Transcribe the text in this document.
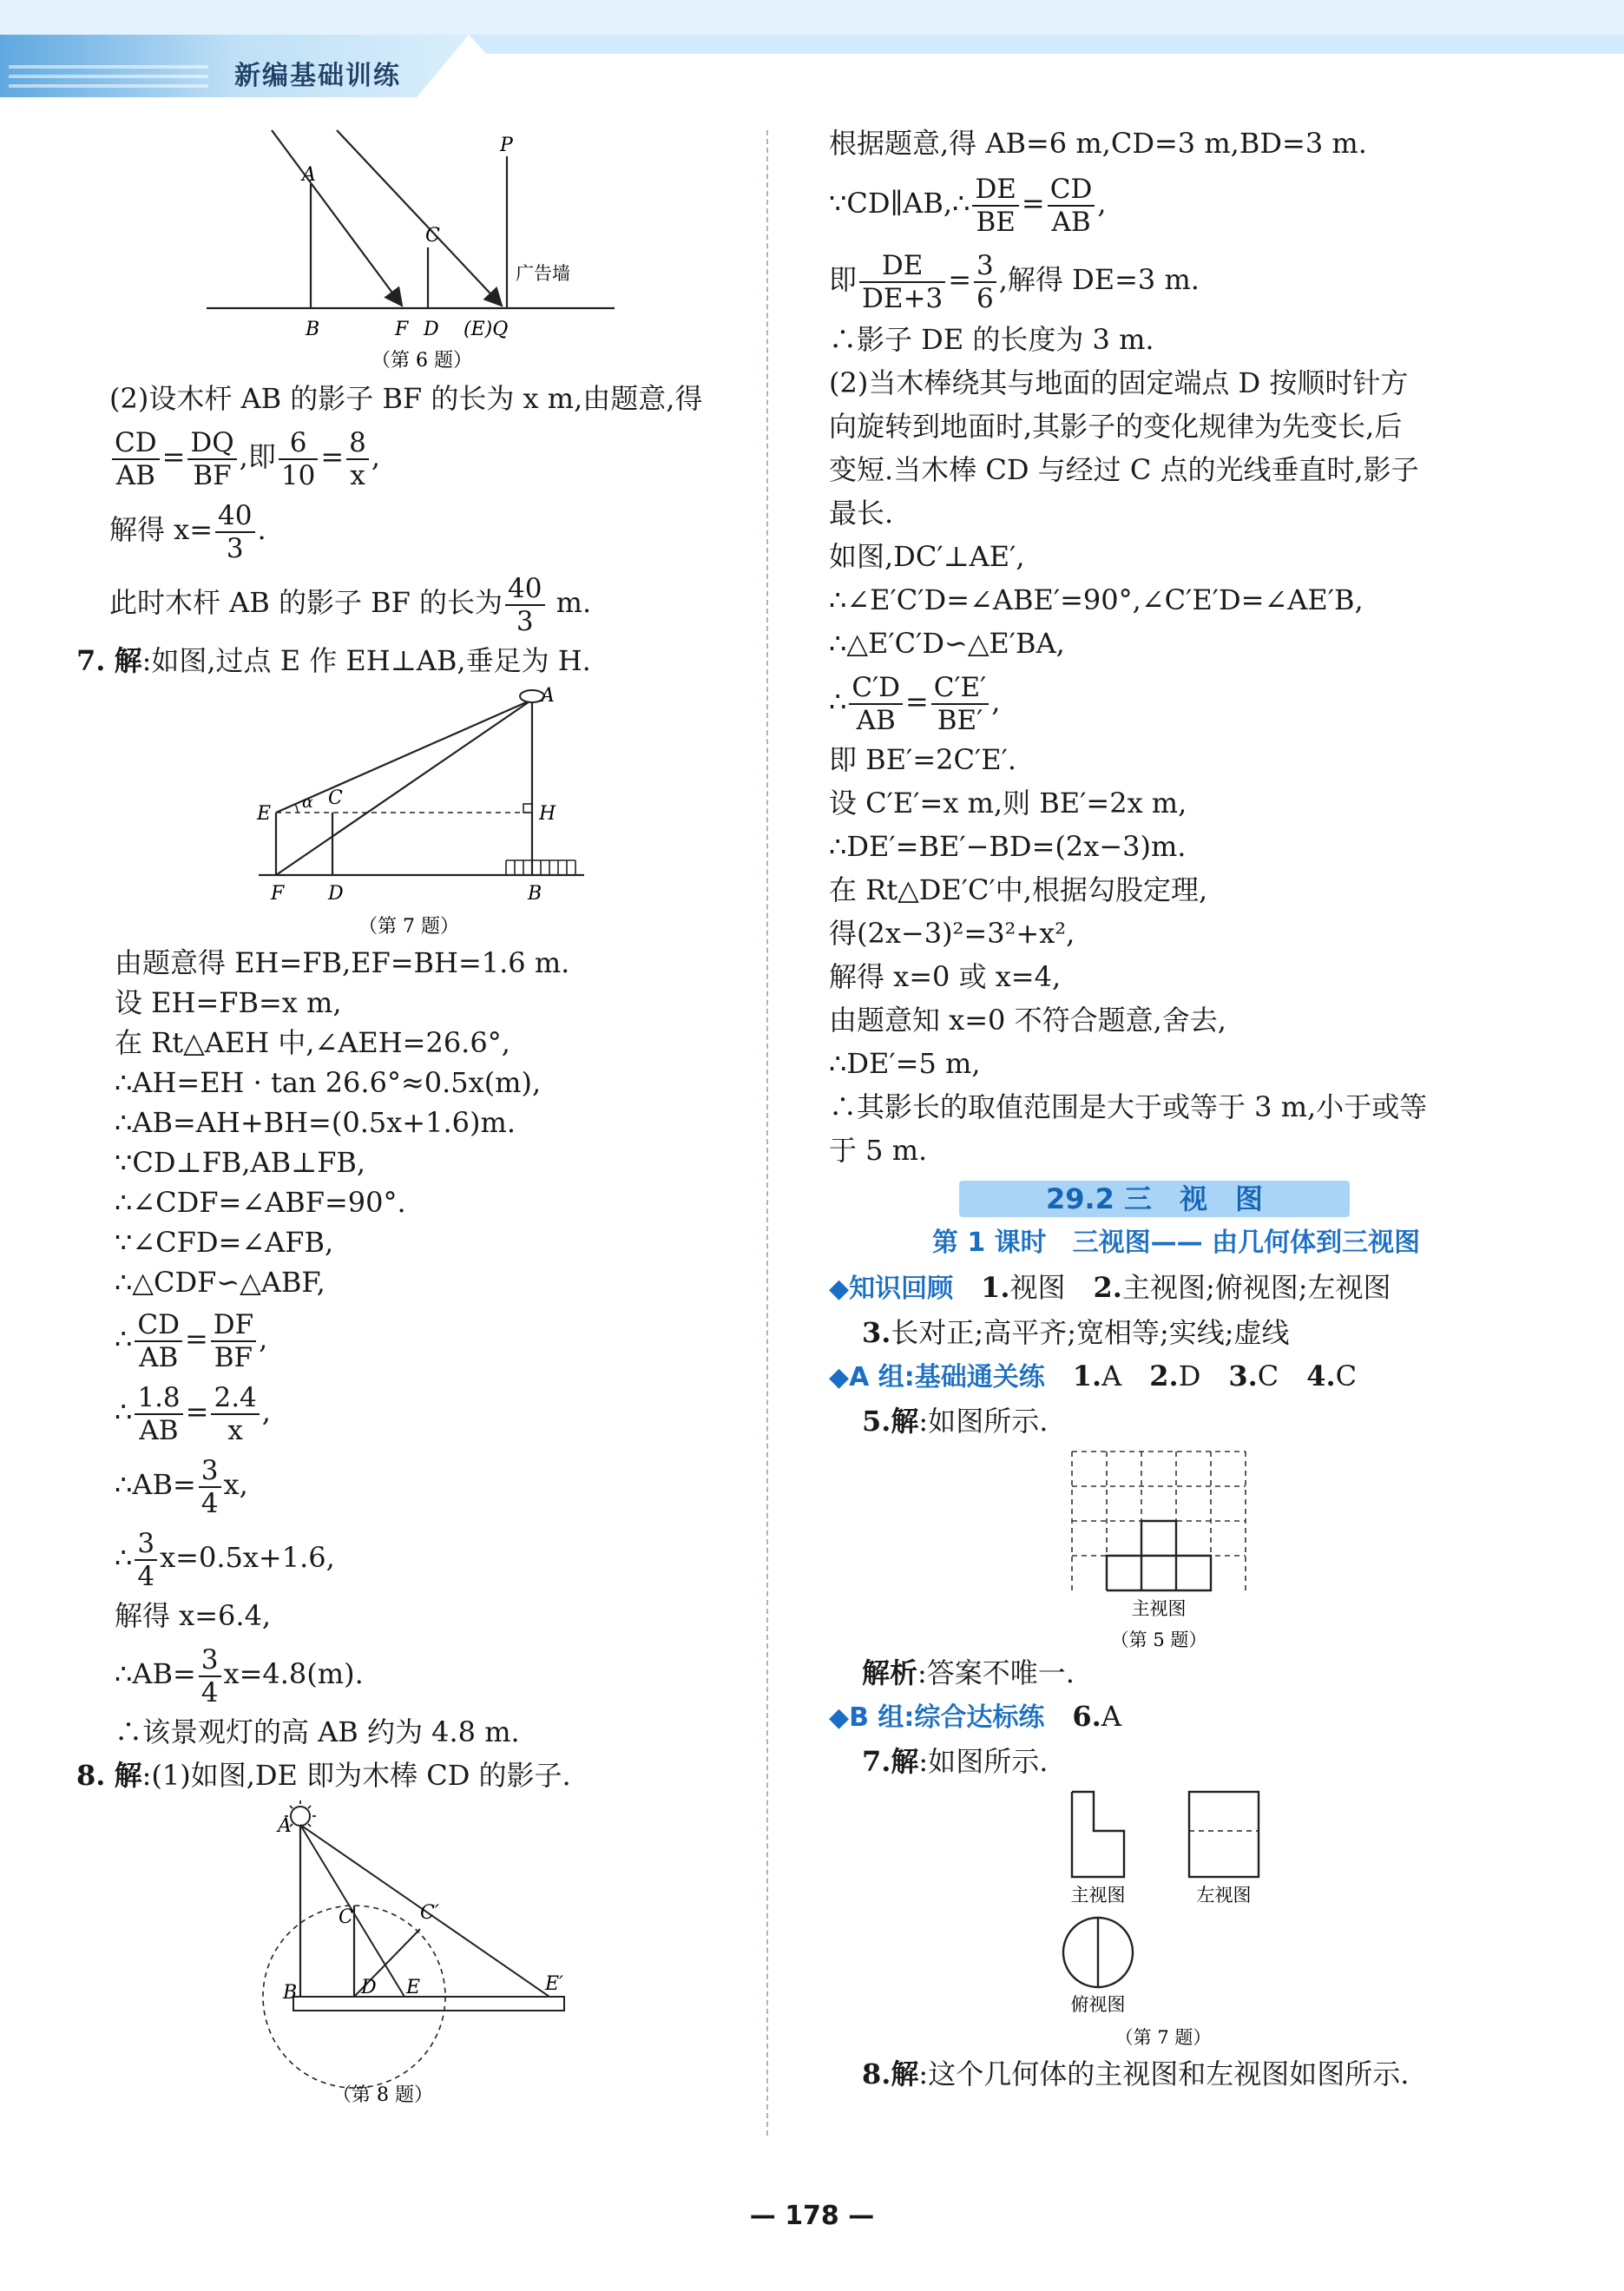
新编基础训练
A
B
C
D
F	(E)Q
P
广告墙
（第 6 题）
(2)设木杆 AB 的影子 BF 的长为 x m,由题意,得
$\frac{CD}{AB} = \frac{DQ}{BF}$ ,即 $\frac{6}{10} = \frac{8}{x}$ ,
解得 $x= \frac{40}{3}$ .
此时木杆 AB 的影子 BF 的长为 $\frac{40}{3} m$.
7. 解:如图,过点 E 作 EH⊥AB,垂足为 H.
α
A
E
C
H
F D	B
（第 7 题）
由题意得 EH=FB,EF=BH=1.6 m.
设 EH=FB=x m,
在 Rt△AEH 中,∠AEH=26.6°,
∴AH=EH · tan 26.6°≈0.5x(m),
∴AB=AH+BH=(0.5x+1.6)m.
∵CD⊥FB,AB⊥FB,
∴∠CDF=∠ABF=90°.
∵∠CFD=∠AFB,
∴△CDF∽△ABF,
∴ $\frac{CD}{AB} = \frac{DF}{BF}$ ,
∴ $\frac{1.8}{AB} = \frac{2.4}{x}$ ,
∴AB= $\frac{3}{4} x$,
∴ $\frac{3}{4} x=0.5x+1.6$,
解得 x=6.4,
∴AB= $\frac{3}{4} x=4.8(m)$.
∴该景观灯的高 AB 约为 4.8 m.
8. 解:(1)如图,DE 即为木棒 CD 的影子.
A
B
C	C′
D E	E′
（第 8 题）
根据题意,得 AB=6 m,CD=3 m,BD=3 m.
∵CD∥AB,∴ $\frac{DE}{BE} = \frac{CD}{AB}$ ,
即 $\frac{DE}{DE+3} = \frac{3}{6}$ ,解得 DE=3 m.
∴影子 DE 的长度为 3 m.
(2)当木棒绕其与地面的固定端点 D 按顺时针方
向旋转到地面时,其影子的变化规律为先变长,后
变短.当木棒 CD 与经过 C 点的光线垂直时,影子
最长.
如图,DC′⊥AE′,
∴∠E′C′D=∠ABE′=90°,∠C′E′D=∠AE′B,
∴△E′C′D∽△E′BA,
∴ $\frac{C'D}{AB} = \frac{C'E'}{BE'}$ ,
即 BE′=2C′E′.
设 C′E′=x m,则 BE′=2x m,
∴DE′=BE′−BD=(2x−3)m.
在 Rt△DE′C′中,根据勾股定理,
得(2x−3)²=3²+x²,
解得 x=0 或 x=4,
由题意知 x=0 不符合题意,舍去,
∴DE′=5 m,
∴其影长的取值范围是大于或等于 3 m,小于或等
于 5 m.
29.2 三　视　图
第 1 课时　三视图—— 由几何体到三视图
◆知识回顾　 1.视图　 2.主视图;俯视图;左视图
3.长对正;高平齐;宽相等;实线;虚线
◆A 组:基础通关练　 1.A　 2.D　 3.C　 4.C
5.解:如图所示.
主视图
（第 5 题）
解析:答案不唯一.
◆B 组:综合达标练　 6.A
7.解:如图所示.
主视图	左视图
俯视图
（第 7 题）
8.解:这个几何体的主视图和左视图如图所示.
— 178 —
